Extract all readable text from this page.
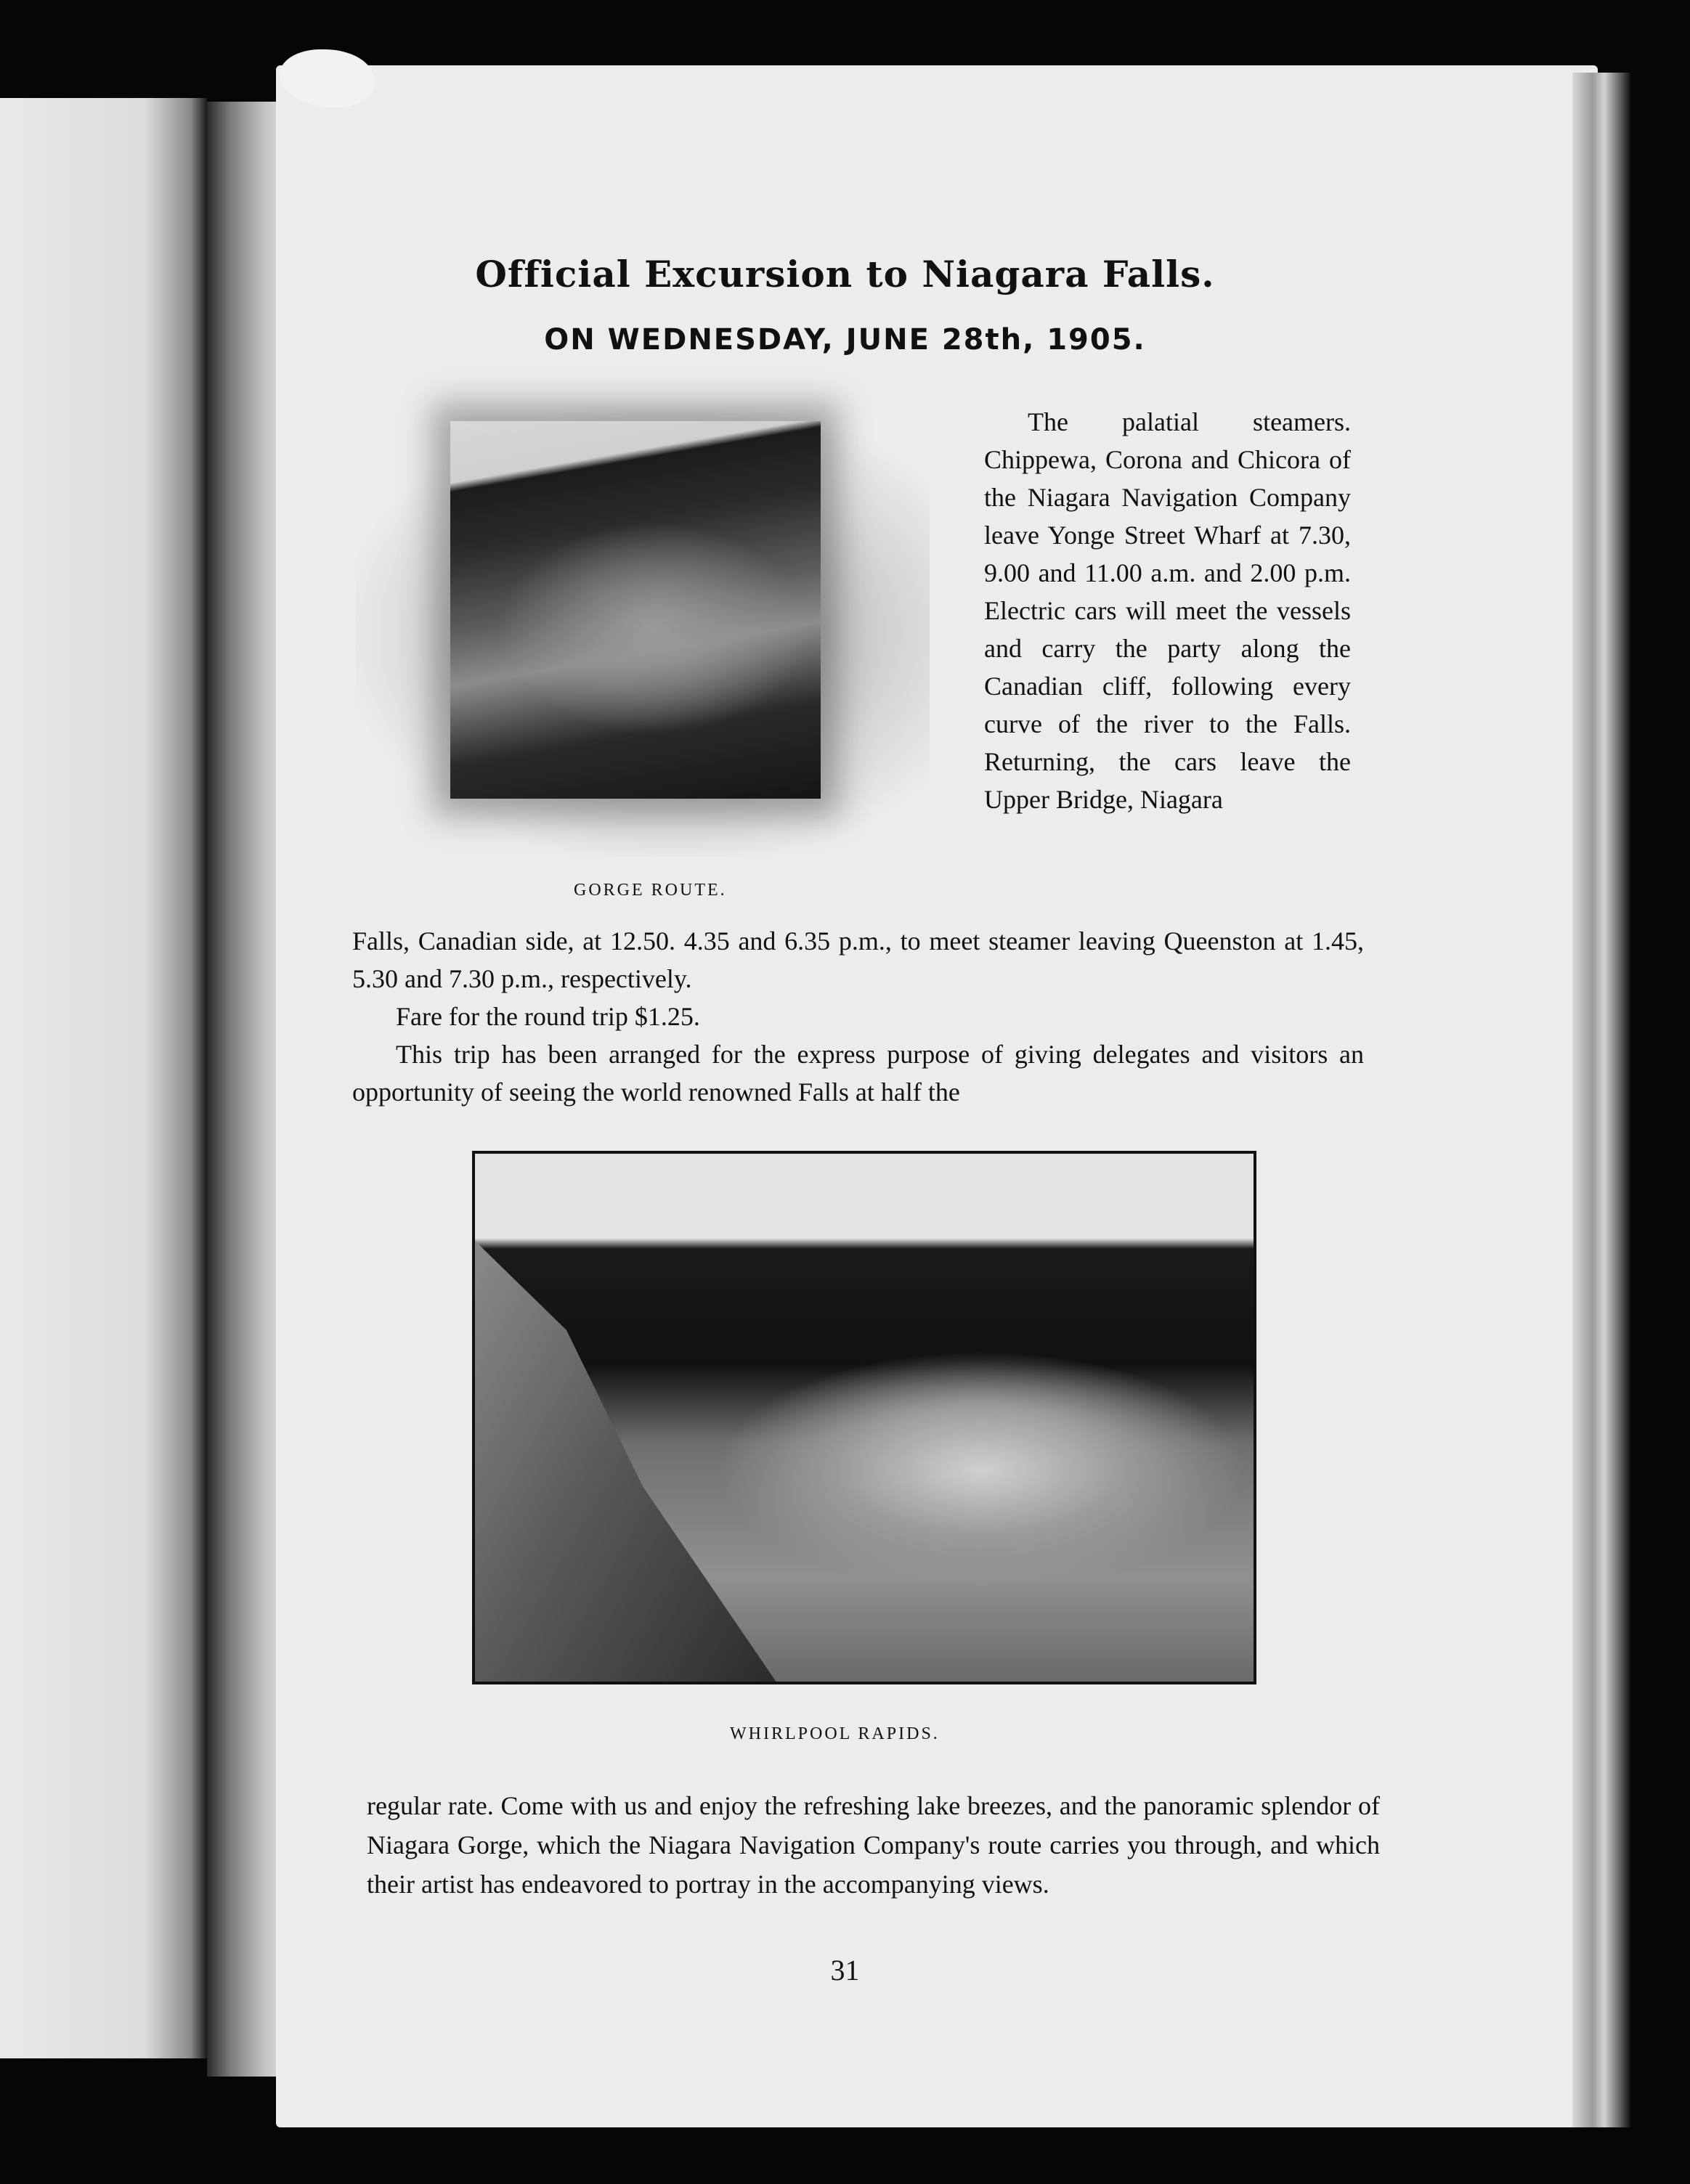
Official Excursion to Niagara Falls.
ON WEDNESDAY, JUNE 28th, 1905.
GORGE ROUTE.

The palatial steamers. Chippewa, Corona and Chicora of the Niagara Navigation Company leave Yonge Street Wharf at 7.30, 9.00 and 11.00 a.m. and 2.00 p.m. Electric cars will meet the vessels and carry the party along the Canadian cliff, following every curve of the river to the Falls. Returning, the cars leave the Upper Bridge, Niagara

Falls, Canadian side, at 12.50. 4.35 and 6.35 p.m., to meet steamer leaving Queenston at 1.45, 5.30 and 7.30 p.m., respectively.

Fare for the round trip $1.25.

This trip has been arranged for the express purpose of giving delegates and visitors an opportunity of seeing the world renowned Falls at half the

WHIRLPOOL RAPIDS.

regular rate. Come with us and enjoy the refreshing lake breezes, and the panoramic splendor of Niagara Gorge, which the Niagara Navigation Company's route carries you through, and which their artist has endeavored to portray in the accompanying views.

31
